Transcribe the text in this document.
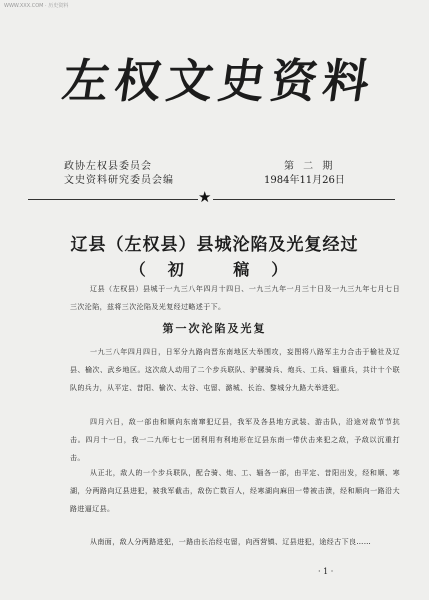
WWW.XXX.COM · 历史资料
左权文史资料
政协左权县委员会
文史资料研究委员会编
第 二 期
1984年11月26日
★
辽县（左权县）县城沦陷及光复经过
（初 稿）

辽县（左权县）县城于一九三八年四月十四日、一九三九年一月三十日及一九三九年七月七日三次沦陷，兹将三次沦陷及光复经过略述于下。

第一次沦陷及光复

一九三八年四月四日，日军分九路向晋东南地区大举围攻，妄图将八路军主力合击于榆社及辽县、榆次、武乡地区。这次敌人动用了二个步兵联队、驴骡骑兵、炮兵、工兵、辎重兵，共计十个联队的兵力，从平定、昔阳、榆次、太谷、屯留、潞城、长治、黎城分九路大举进犯。

四月六日，敌一部由和顺向东南窜犯辽县，我军及各县地方武装、游击队，沿途对敌节节抗击。四月十一日，我一二九师七七一团利用有利地形在辽县东南一带伏击来犯之敌，予敌以沉重打击。

从正北，敌人的一个步兵联队，配合骑、炮、工、辎各一部，由平定、昔阳出发，经和顺、寒湖，分两路向辽县进犯，被我军截击，敌伤亡数百人，经寒湖向麻田一带被击溃，经和顺向一路沿大路进逼辽县。

从南面，敌人分两路进犯，一路由长治经屯留，向西营镇、辽县进犯，途经古下良……

· 1 ·
